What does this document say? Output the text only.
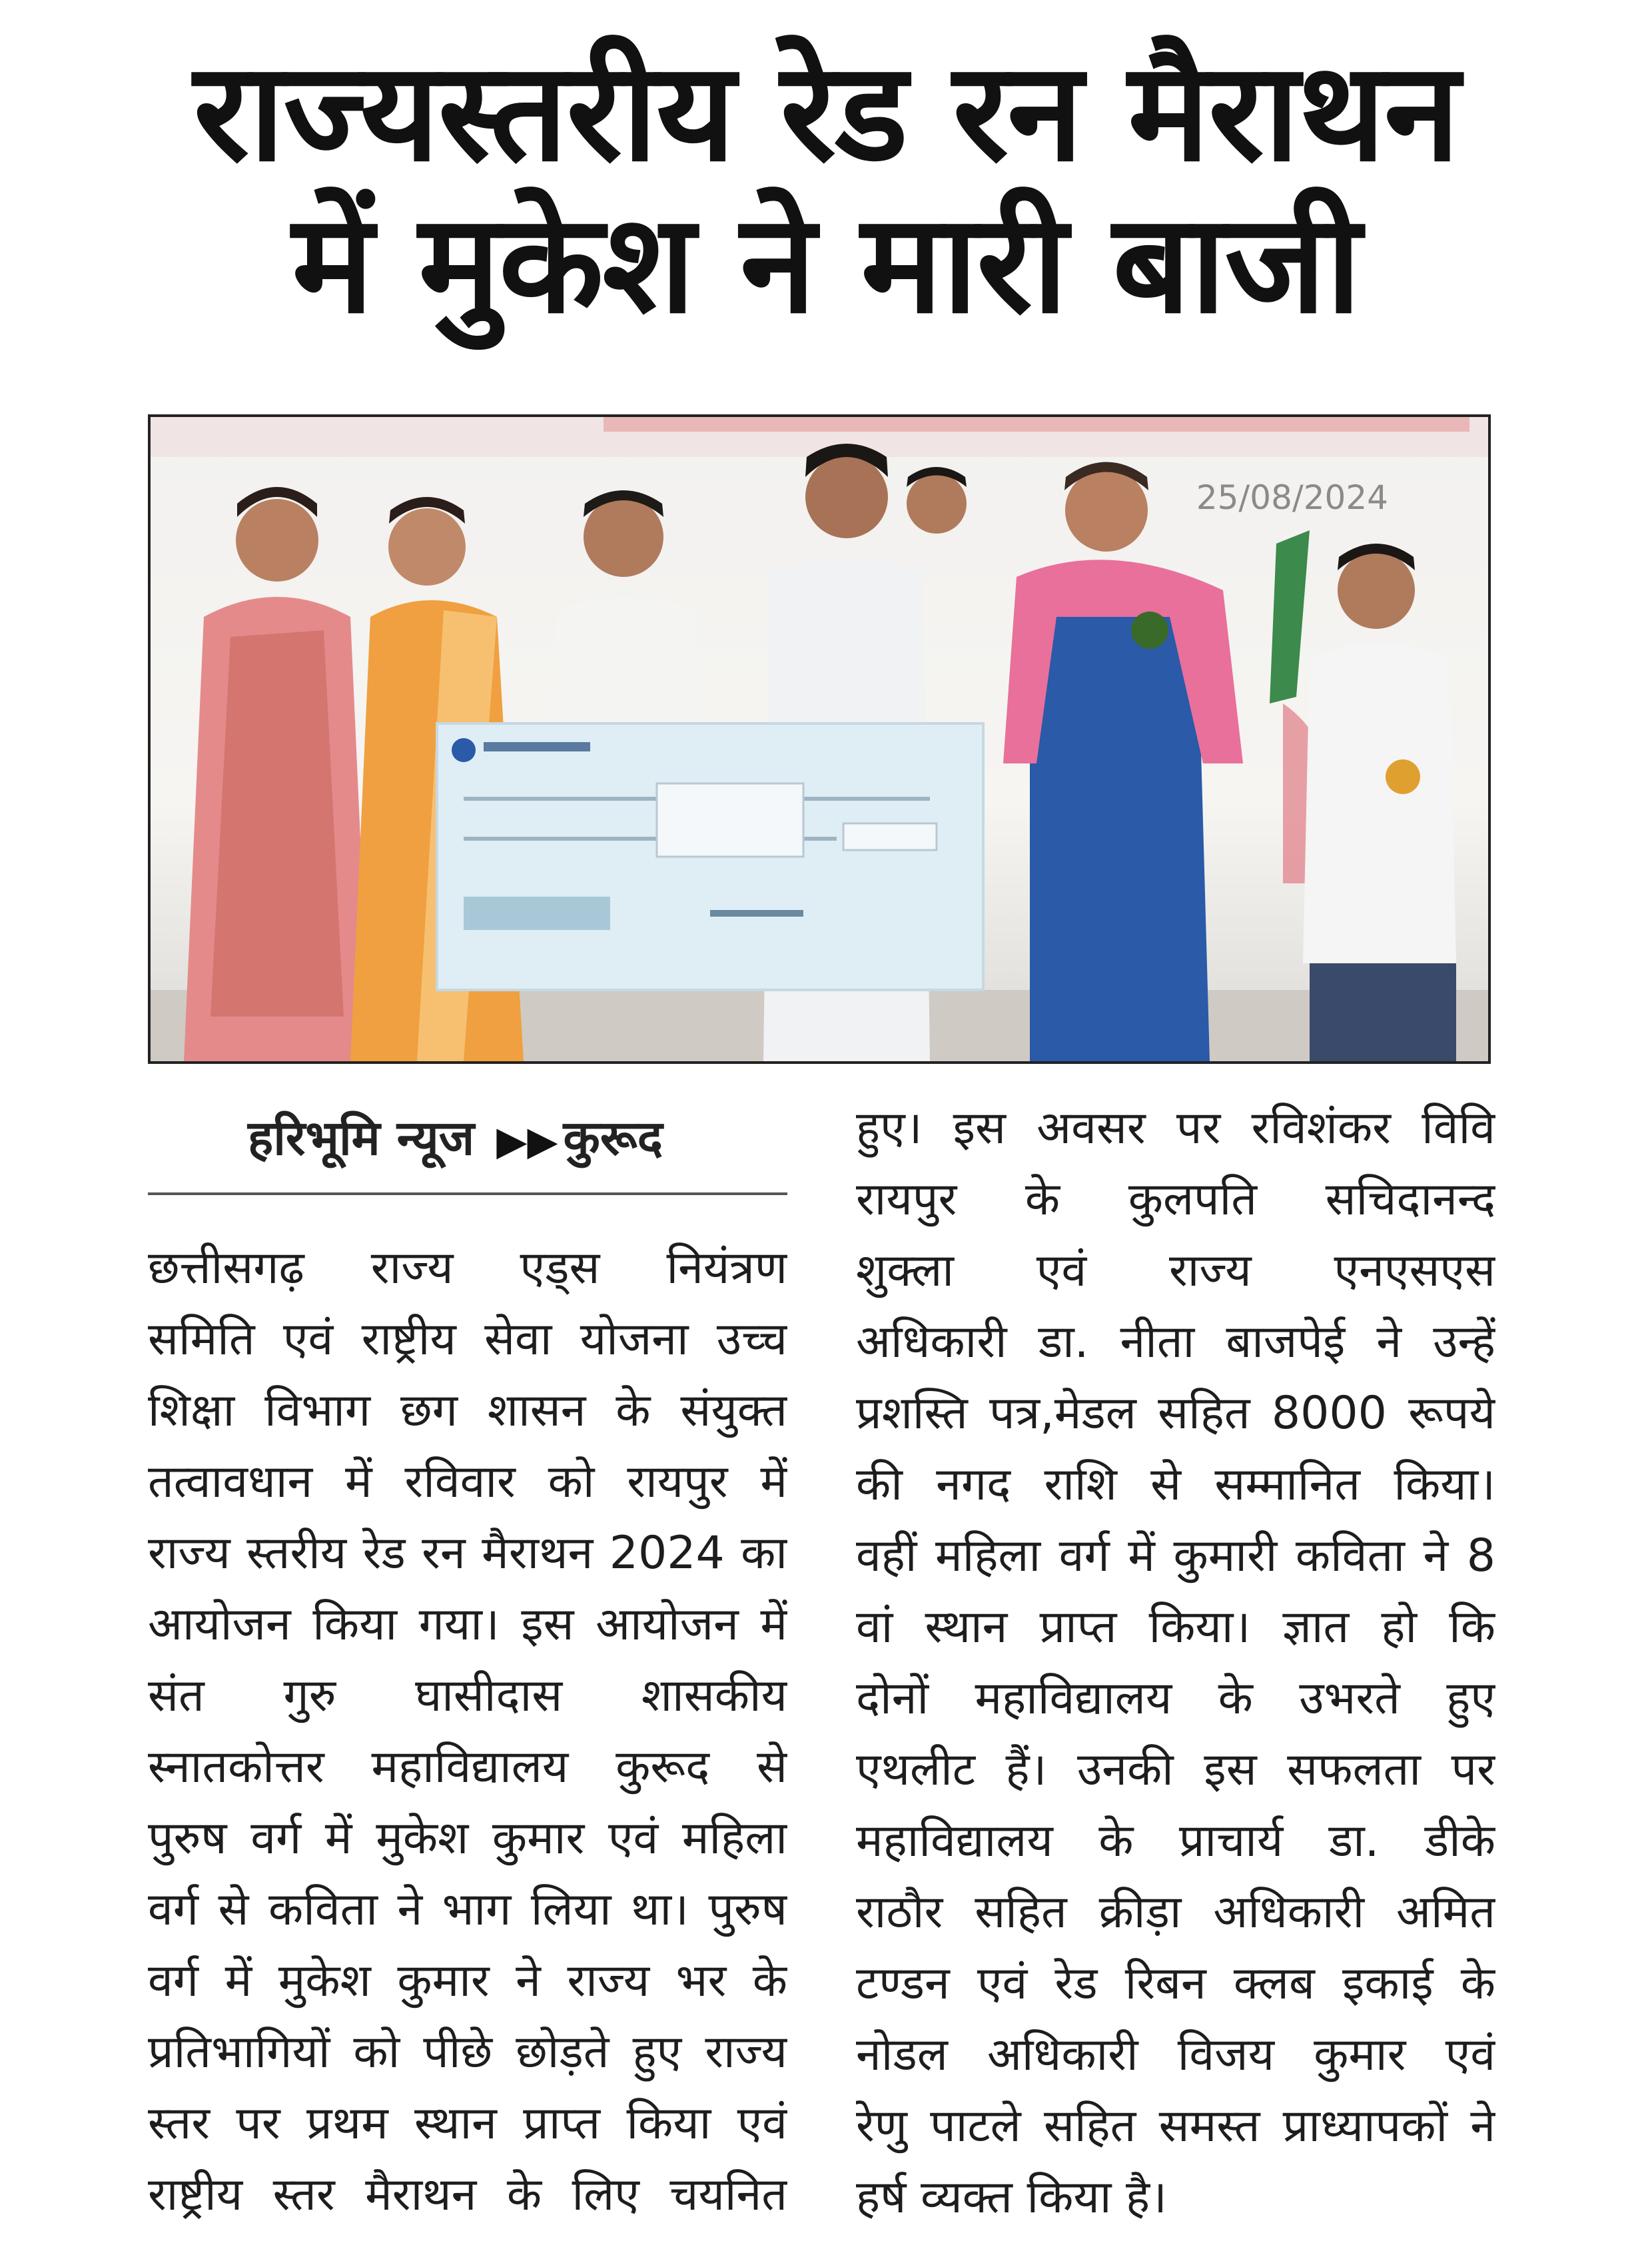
राज्यस्तरीय रेड रन मैराथन
में मुकेश ने मारी बाजी
25/08/2024
हरिभूमि न्यूज ▶▶ कुरूद
छत्तीसगढ़ राज्य एड्स नियंत्रण
समिति एवं राष्ट्रीय सेवा योजना उच्च
शिक्षा विभाग छग शासन के संयुक्त
तत्वावधान में रविवार को रायपुर में
राज्य स्तरीय रेड रन मैराथन 2024 का
आयोजन किया गया। इस आयोजन में
संत गुरु घासीदास शासकीय
स्नातकोत्तर महाविद्यालय कुरूद से
पुरुष वर्ग में मुकेश कुमार एवं महिला
वर्ग से कविता ने भाग लिया था। पुरुष
वर्ग में मुकेश कुमार ने राज्य भर के
प्रतिभागियों को पीछे छोड़ते हुए राज्य
स्तर पर प्रथम स्थान प्राप्त किया एवं
राष्ट्रीय स्तर मैराथन के लिए चयनित
हुए। इस अवसर पर रविशंकर विवि
रायपुर के कुलपति सचिदानन्द
शुक्ला एवं राज्य एनएसएस
अधिकारी डा. नीता बाजपेई ने उन्हें
प्रशस्ति पत्र,मेडल सहित 8000 रूपये
की नगद राशि से सम्मानित किया।
वहीं महिला वर्ग में कुमारी कविता ने 8
वां स्थान प्राप्त किया। ज्ञात हो कि
दोनों महाविद्यालय के उभरते हुए
एथलीट हैं। उनकी इस सफलता पर
महाविद्यालय के प्राचार्य डा. डीके
राठौर सहित क्रीड़ा अधिकारी अमित
टण्डन एवं रेड रिबन क्लब इकाई के
नोडल अधिकारी विजय कुमार एवं
रेणु पाटले सहित समस्त प्राध्यापकों ने
हर्ष व्यक्त किया है।
